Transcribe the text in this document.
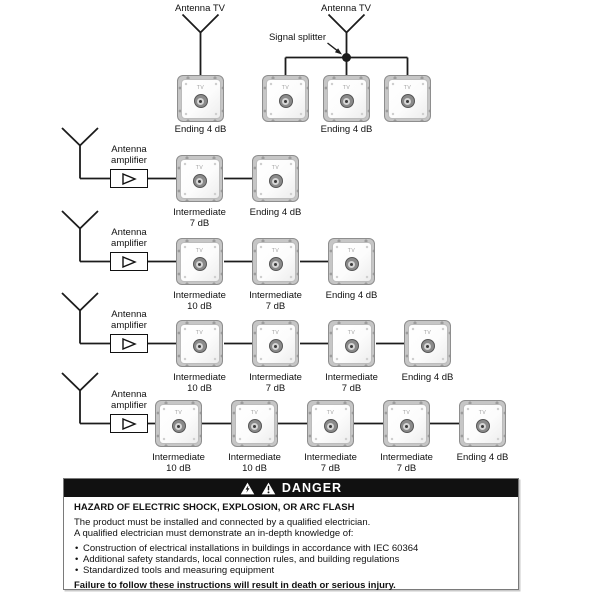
Antenna TV	Antenna TV
Signal splitter
Antenna
amplifier
Antenna
amplifier
Antenna
amplifier
Antenna
amplifier
TV	TV	TV	TV
TV	TV
TV	TV	TV
TV	TV	TV	TV
TV	TV	TV	TV	TV
Ending 4 dB	Ending 4 dB
Intermediate
7 dB
Ending 4 dB
Intermediate
10 dB
Intermediate
7 dB
Ending 4 dB
Intermediate
10 dB
Intermediate
7 dB
Intermediate
7 dB
Ending 4 dB
Intermediate
10 dB
Intermediate
10 dB
Intermediate
7 dB
Intermediate
7 dB
Ending 4 dB
DANGER
HAZARD OF ELECTRIC SHOCK, EXPLOSION, OR ARC FLASH
The product must be installed and connected by a qualified electrician.
A qualified electrician must demonstrate an in-depth knowledge of:
• Construction of electrical installations in buildings in accordance with IEC 60364
• Additional safety standards, local connection rules, and building regulations
• Standardized tools and measuring equipment
Failure to follow these instructions will result in death or serious injury.
